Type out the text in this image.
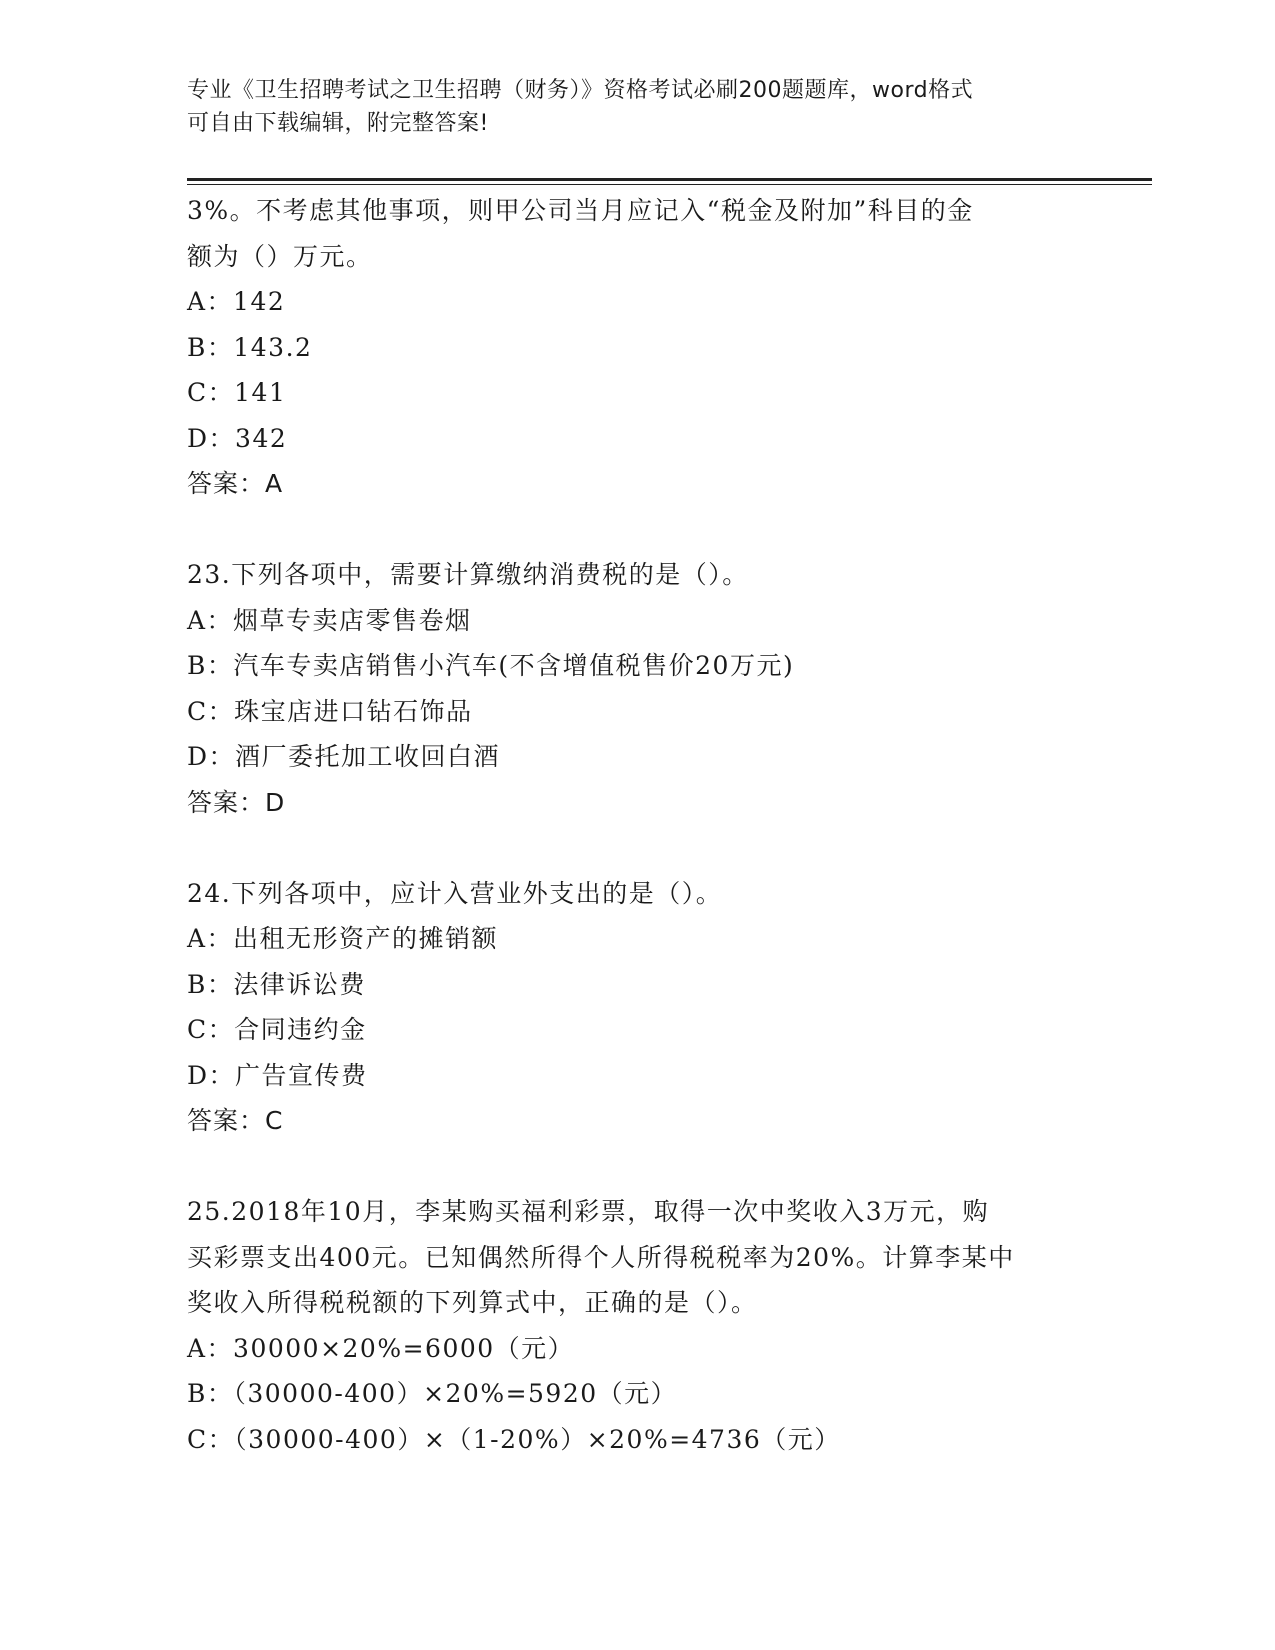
专业《卫生招聘考试之卫生招聘（财务）》资格考试必刷200题题库，word格式
可自由下载编辑，附完整答案!
3%。不考虑其他事项，则甲公司当月应记入“税金及附加”科目的金
额为（）万元。
A：142
B：143.2
C：141
D：342
答案：A
23.下列各项中，需要计算缴纳消费税的是（）。
A：烟草专卖店零售卷烟
B：汽车专卖店销售小汽车(不含增值税售价20万元)
C：珠宝店进口钻石饰品
D：酒厂委托加工收回白酒
答案：D
24.下列各项中，应计入营业外支出的是（）。
A：出租无形资产的摊销额
B：法律诉讼费
C：合同违约金
D：广告宣传费
答案：C
25.2018年10月，李某购买福利彩票，取得一次中奖收入3万元，购
买彩票支出400元。已知偶然所得个人所得税税率为20%。计算李某中
奖收入所得税税额的下列算式中，正确的是（）。
A：30000×20%=6000（元）
B：（30000-400）×20%=5920（元）
C：（30000-400）×（1-20%）×20%=4736（元）
